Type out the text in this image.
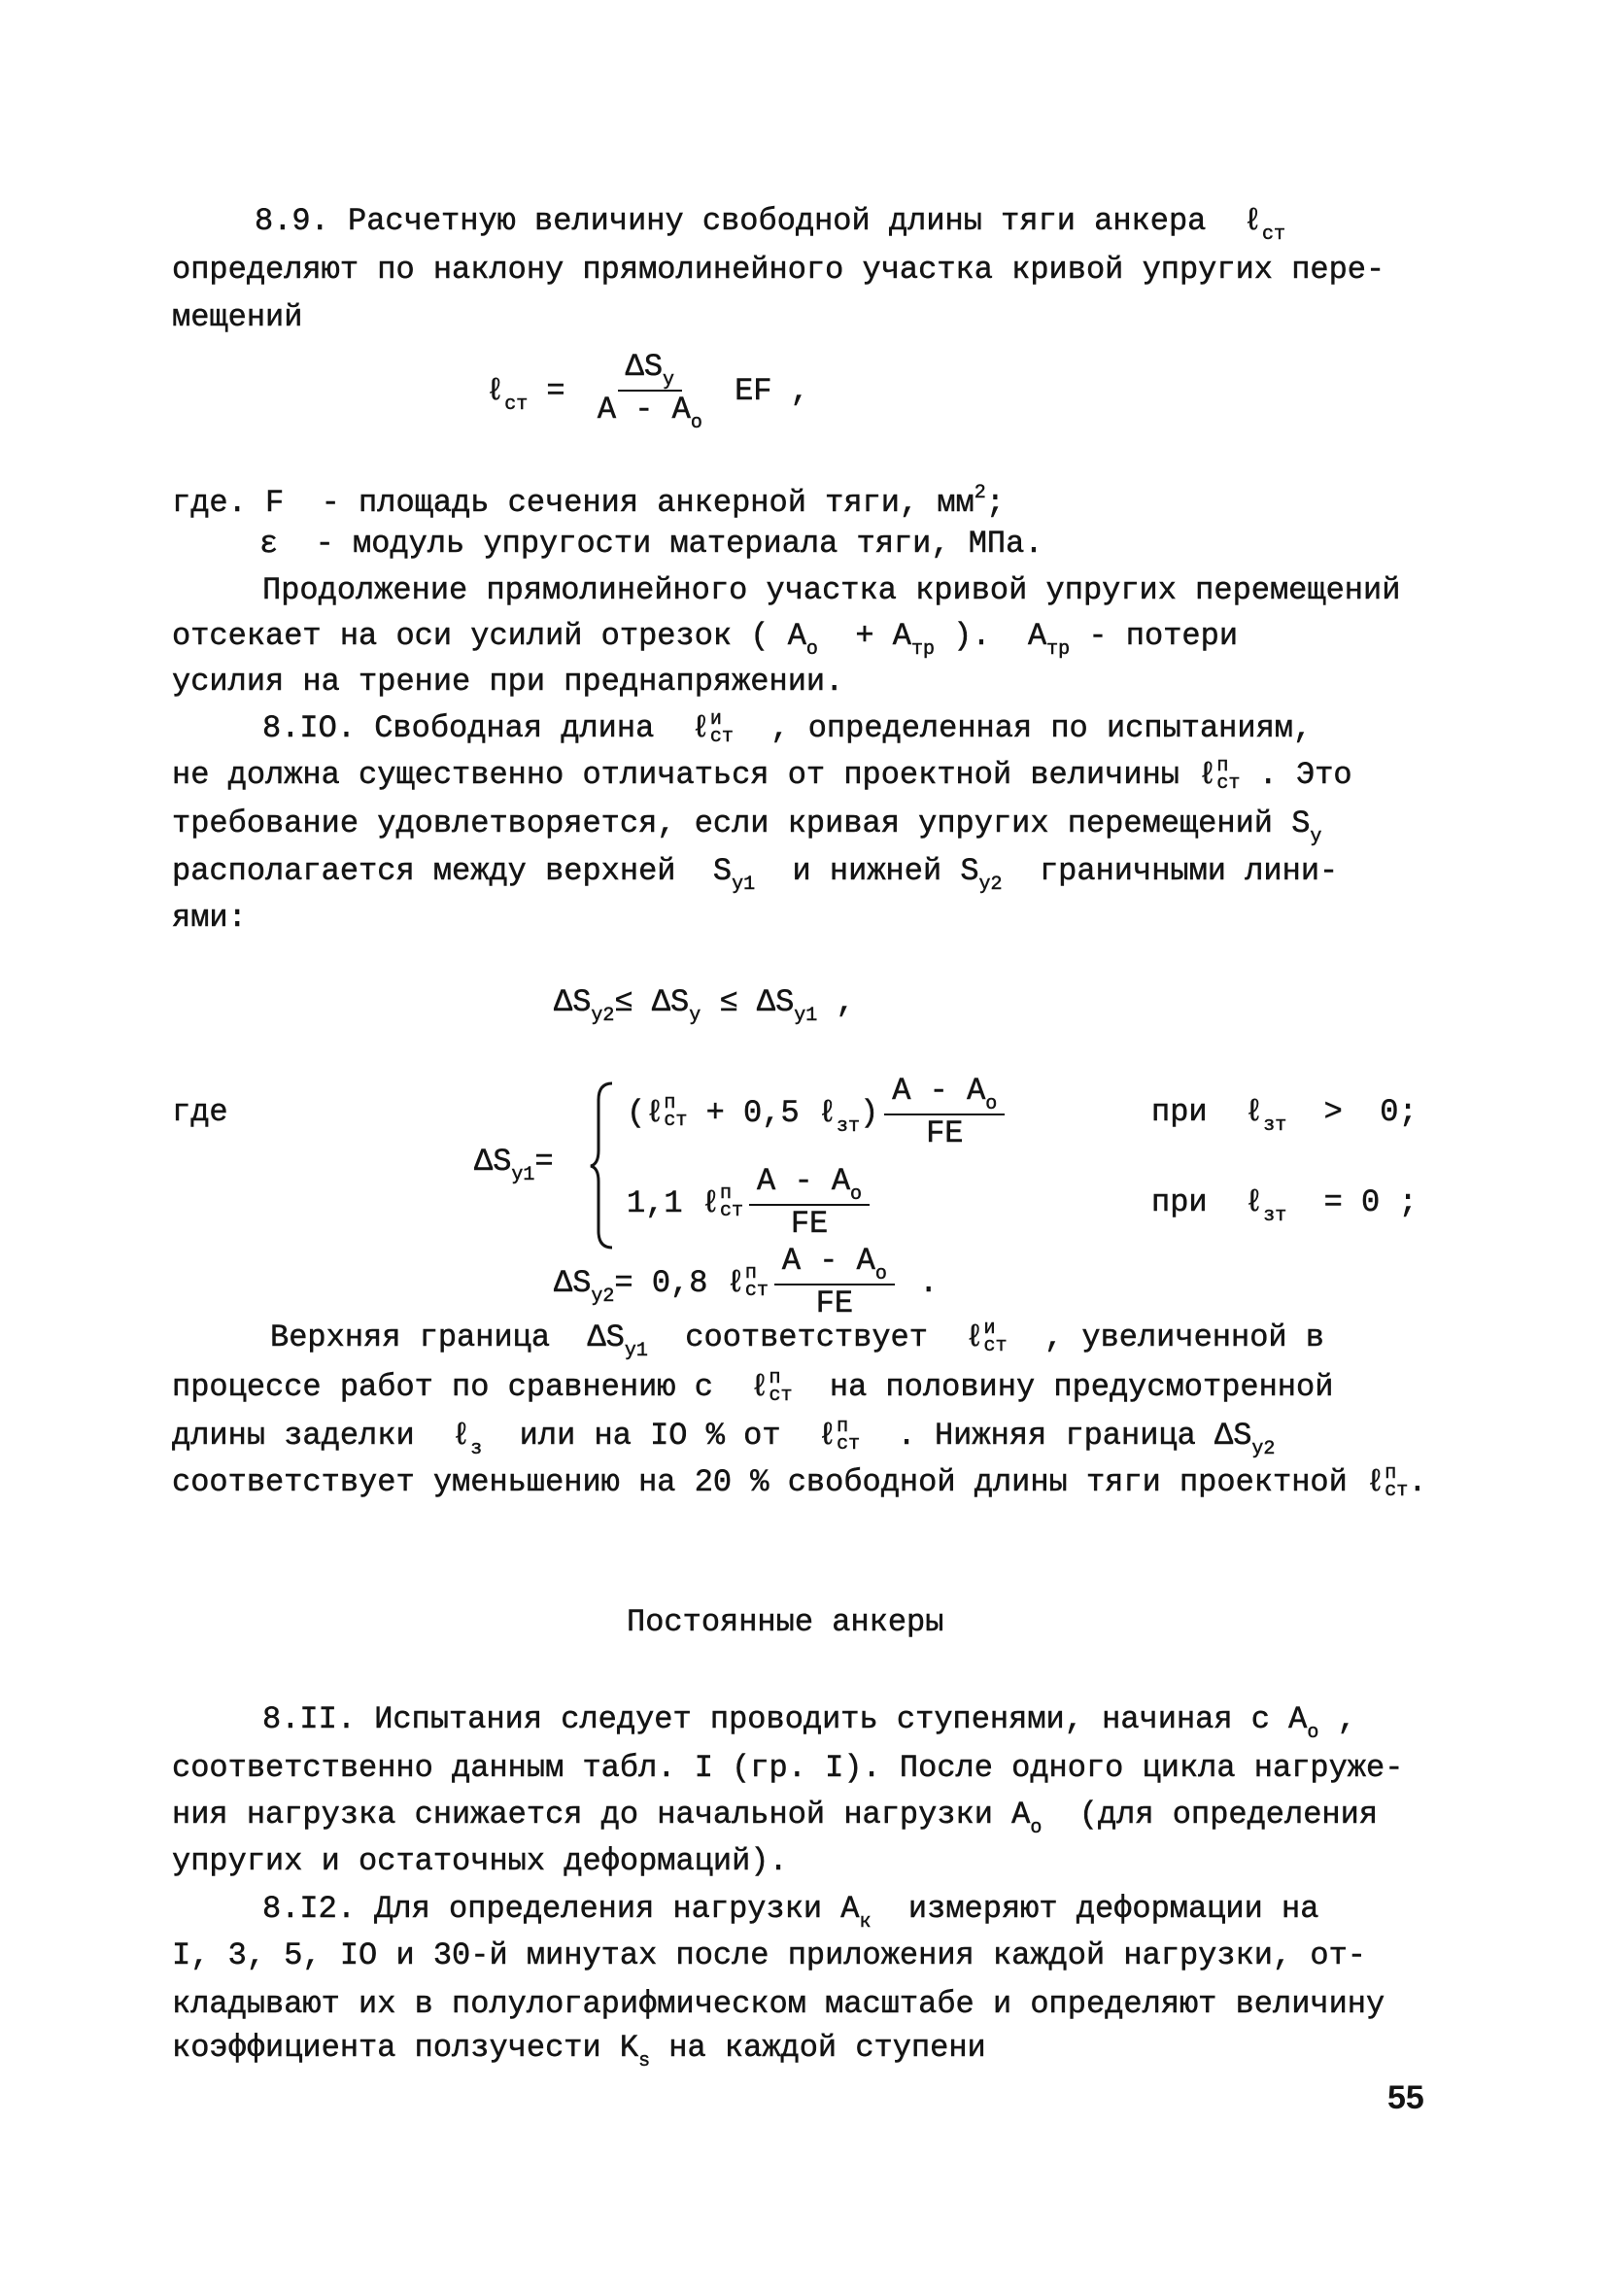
8.9. Расчетную величину свободной длины тяги анкера  ℓ$_{ст}$
определяют по наклону прямолинейного участка кривой упругих пере-
мещений
ℓ$_{ст}$ = $\frac{\Delta S_у}{A - A_о}$ EF ,
где. F  - площадь сечения анкерной тяги, $мм^2$;
ε  - модуль упругости материала тяги, МПа.
Продолжение прямолинейного участка кривой упругих перемещений
отсекает на оси усилий отрезок ( $A_о + A_{тр}$ ).  $A_{тр}$ - потери
усилия на трение при преднапряжении.
8.IO. Свободная длина  ℓ и
ст , определенная по испытаниям,
не должна существенно отличаться от проектной величины ℓ п
ст . Это
требование удовлетворяется, если кривая упругих перемещений $S_у$
располагается между верхней  $S_{у1}$  и нижней $S_{у2}$  граничными лини-
ями:
$\Delta S_{у2}\le \Delta S_у \le \Delta S_{у1}$ ,
где	( ℓ п
ст + 0,5 ℓ$_{зт}$ ) $\frac{A - A_о}{FE}$	при  ℓ$_{зт}$  >  0;
$\Delta S_{у1}=$
1,1 ℓ п
ст $\frac{A - A_о}{FE}$	при  ℓ$_{зт}$  = 0 ;
$\Delta S_{у2} = 0,8$ ℓ п
ст $\frac{A - A_о}{FE}$ .
Верхняя граница  $\Delta S_{у1}$  соответствует  ℓ и
ст , увеличенной в
процессе работ по сравнению с  ℓ п
ст на половину предусмотренной
длины заделки  ℓ$_з$  или на IO % от  ℓ п
ст . Нижняя граница $\Delta S_{у2}$
соответствует уменьшению на 20 % свободной длины тяги проектной ℓ п
ст .
Постоянные анкеры
8.II. Испытания следует проводить ступенями, начиная с $A_о$ ,
соответственно данным табл. I (гр. I). После одного цикла нагруже-
ния нагрузка снижается до начальной нагрузки $A_о$  (для определения
упругих и остаточных деформаций).
8.I2. Для определения нагрузки $A_к$  измеряют деформации на
I, 3, 5, IO и 30-й минутах после приложения каждой нагрузки, от-
кладывают их в полулогарифмическом масштабе и определяют величину
коэффициента ползучести $K_s$ на каждой ступени
55
